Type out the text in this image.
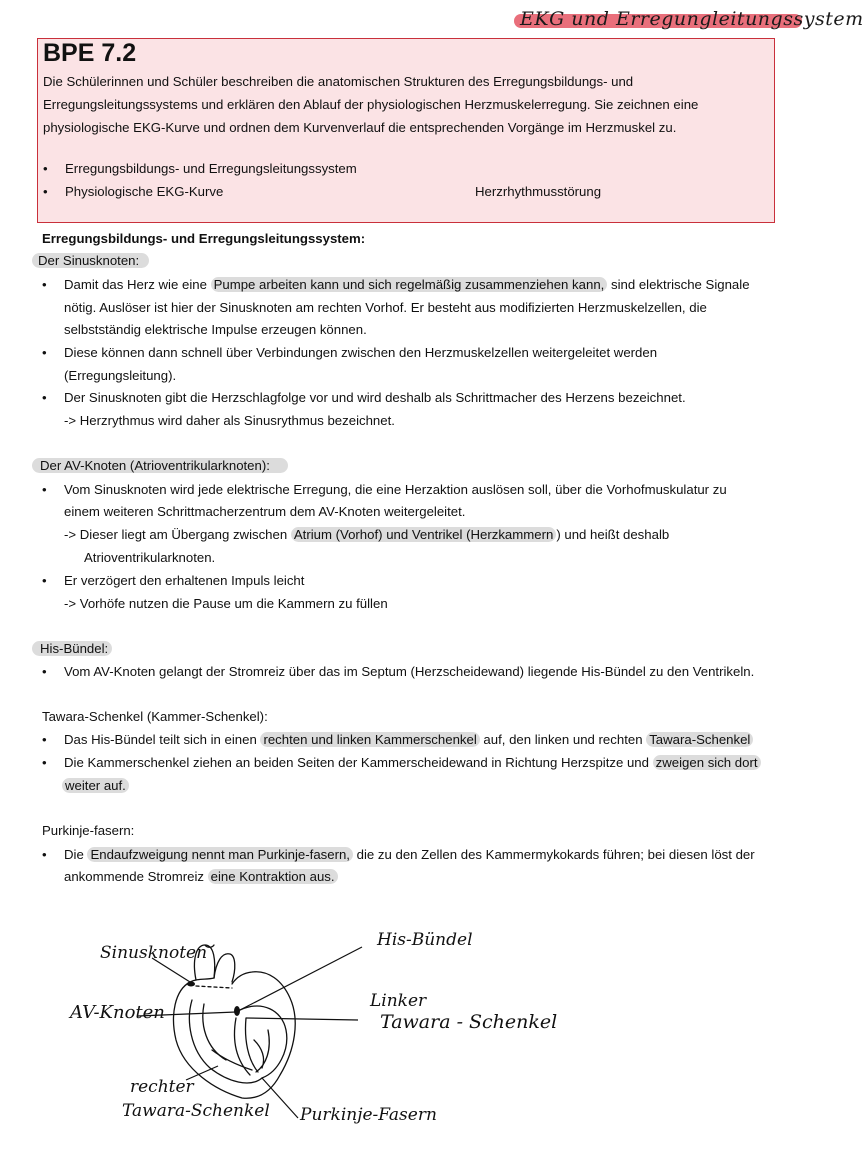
EKG und Erregungleitungssystem
BPE 7.2
Die Schülerinnen und Schüler beschreiben die anatomischen Strukturen des Erregungsbildungs- und
Erregungsleitungssystems und erklären den Ablauf der physiologischen Herzmuskelerregung. Sie zeichnen eine
physiologische EKG-Kurve und ordnen dem Kurvenverlauf die entsprechenden Vorgänge im Herzmuskel zu.
• Erregungsbildungs- und Erregungsleitungssystem
• Physiologische EKG-Kurve	Herzrhythmusstörung
Erregungsbildungs- und Erregungsleitungssystem:
Der Sinusknoten:
• Damit das Herz wie eine Pumpe arbeiten kann und sich regelmäßig zusammenziehen kann, sind elektrische Signale
nötig. Auslöser ist hier der Sinusknoten am rechten Vorhof. Er besteht aus modifizierten Herzmuskelzellen, die
selbstständig elektrische Impulse erzeugen können.
• Diese können dann schnell über Verbindungen zwischen den Herzmuskelzellen weitergeleitet werden
(Erregungsleitung).
• Der Sinusknoten gibt die Herzschlagfolge vor und wird deshalb als Schrittmacher des Herzens bezeichnet.
-> Herzrythmus wird daher als Sinusrythmus bezeichnet.
Der AV-Knoten (Atrioventrikularknoten):
• Vom Sinusknoten wird jede elektrische Erregung, die eine Herzaktion auslösen soll, über die Vorhofmuskulatur zu
einem weiteren Schrittmacherzentrum dem AV-Knoten weitergeleitet.
-> Dieser liegt am Übergang zwischen Atrium (Vorhof) und Ventrikel (Herzkammern ) und heißt deshalb
Atrioventrikularknoten.
• Er verzögert den erhaltenen Impuls leicht
-> Vorhöfe nutzen die Pause um die Kammern zu füllen
His-Bündel:
• Vom AV-Knoten gelangt der Stromreiz über das im Septum (Herzscheidewand) liegende His-Bündel zu den Ventrikeln.
Tawara-Schenkel (Kammer-Schenkel):
• Das His-Bündel teilt sich in einen rechten und linken Kammerschenkel auf, den linken und rechten Tawara-Schenkel
• Die Kammerschenkel ziehen an beiden Seiten der Kammerscheidewand in Richtung Herzspitze und zweigen sich dort
weiter auf.
Purkinje-fasern:
• Die Endaufzweigung nennt man Purkinje-fasern, die zu den Zellen des Kammermykokards führen; bei diesen löst der
ankommende Stromreiz eine Kontraktion aus.
Sinusknoten
His-Bündel
AV-Knoten
Linker
Tawara - Schenkel
rechter
Tawara-Schenkel Purkinje-Fasern
